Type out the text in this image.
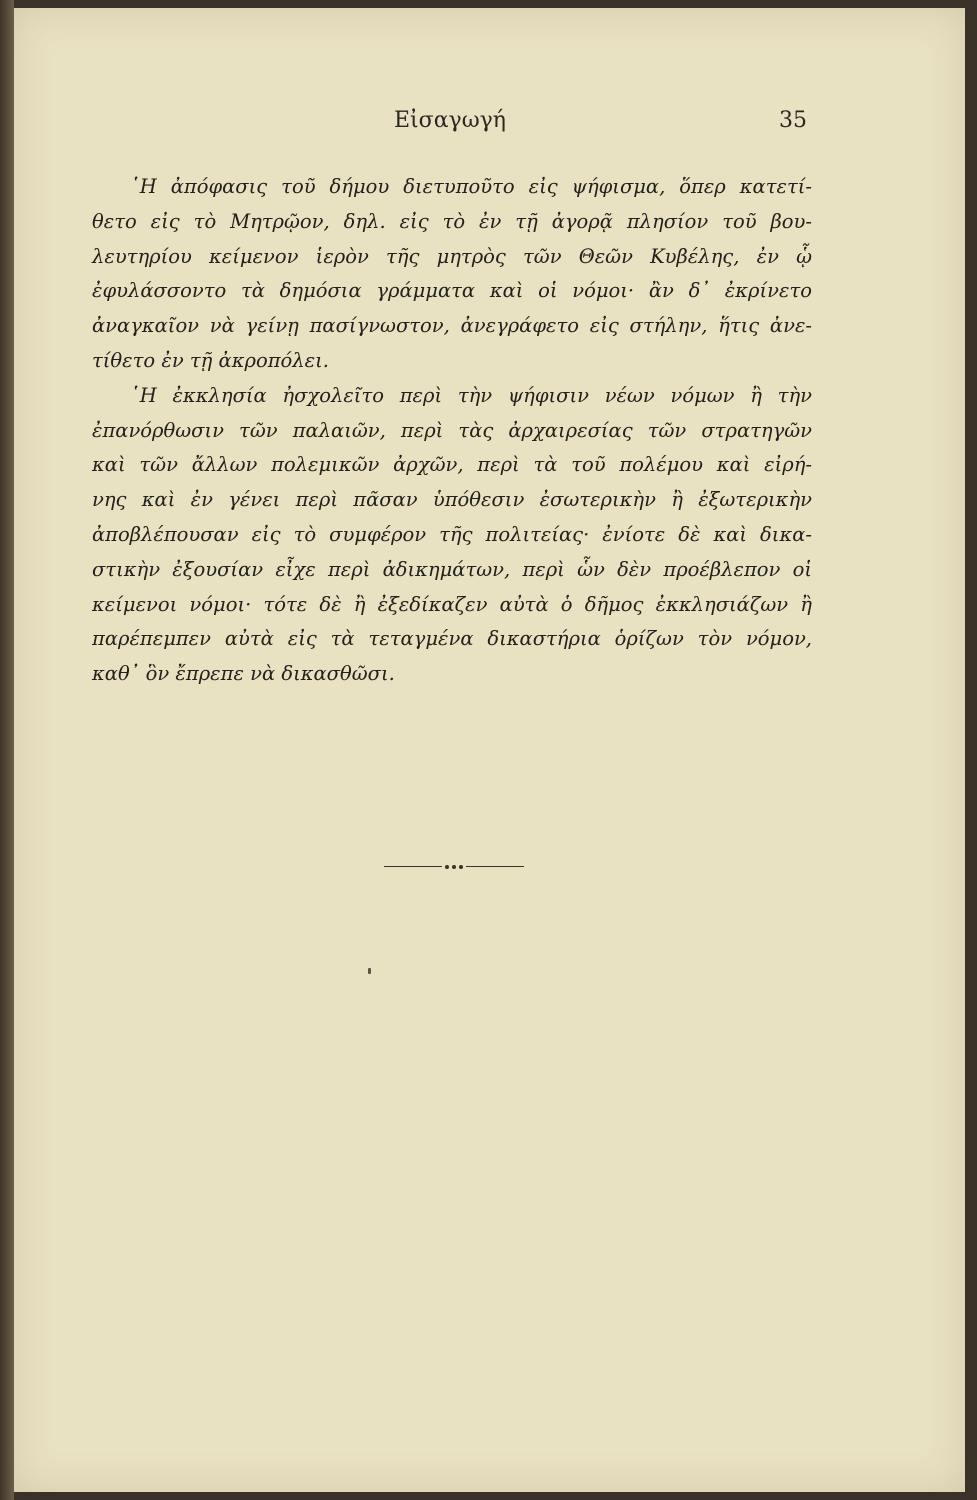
Εἰσαγωγή	35
῾Η ἀπόφασις τοῦ δήμου διετυποῦτο εἰς ψήφισμα, ὅπερ κατετί-
θετο εἰς τὸ Μητρῷον, δηλ. εἰς τὸ ἐν τῇ ἀγορᾷ πλησίον τοῦ βου-
λευτηρίου κείμενον ἱερὸν τῆς μητρὸς τῶν Θεῶν Κυβέλης, ἐν ᾧ
ἐφυλάσσοντο τὰ δημόσια γράμματα καὶ οἱ νόμοι· ἂν δ᾽ ἐκρίνετο
ἀναγκαῖον νὰ γείνῃ πασίγνωστον, ἀνεγράφετο εἰς στήλην, ἥτις ἀνε-
τίθετο ἐν τῇ ἀκροπόλει.
῾Η ἐκκλησία ἠσχολεῖτο περὶ τὴν ψήφισιν νέων νόμων ἢ τὴν
ἐπανόρθωσιν τῶν παλαιῶν, περὶ τὰς ἀρχαιρεσίας τῶν στρατηγῶν
καὶ τῶν ἄλλων πολεμικῶν ἀρχῶν, περὶ τὰ τοῦ πολέμου καὶ εἰρή-
νης καὶ ἐν γένει περὶ πᾶσαν ὑπόθεσιν ἐσωτερικὴν ἢ ἐξωτερικὴν
ἀποβλέπουσαν εἰς τὸ συμφέρον τῆς πολιτείας· ἐνίοτε δὲ καὶ δικα-
στικὴν ἐξουσίαν εἶχε περὶ ἀδικημάτων, περὶ ὧν δὲν προέβλεπον οἱ
κείμενοι νόμοι· τότε δὲ ἢ ἐξεδίκαζεν αὐτὰ ὁ δῆμος ἐκκλησιάζων ἢ
παρέπεμπεν αὐτὰ εἰς τὰ τεταγμένα δικαστήρια ὁρίζων τὸν νόμον,
καθ᾽ ὃν ἔπρεπε νὰ δικασθῶσι.
